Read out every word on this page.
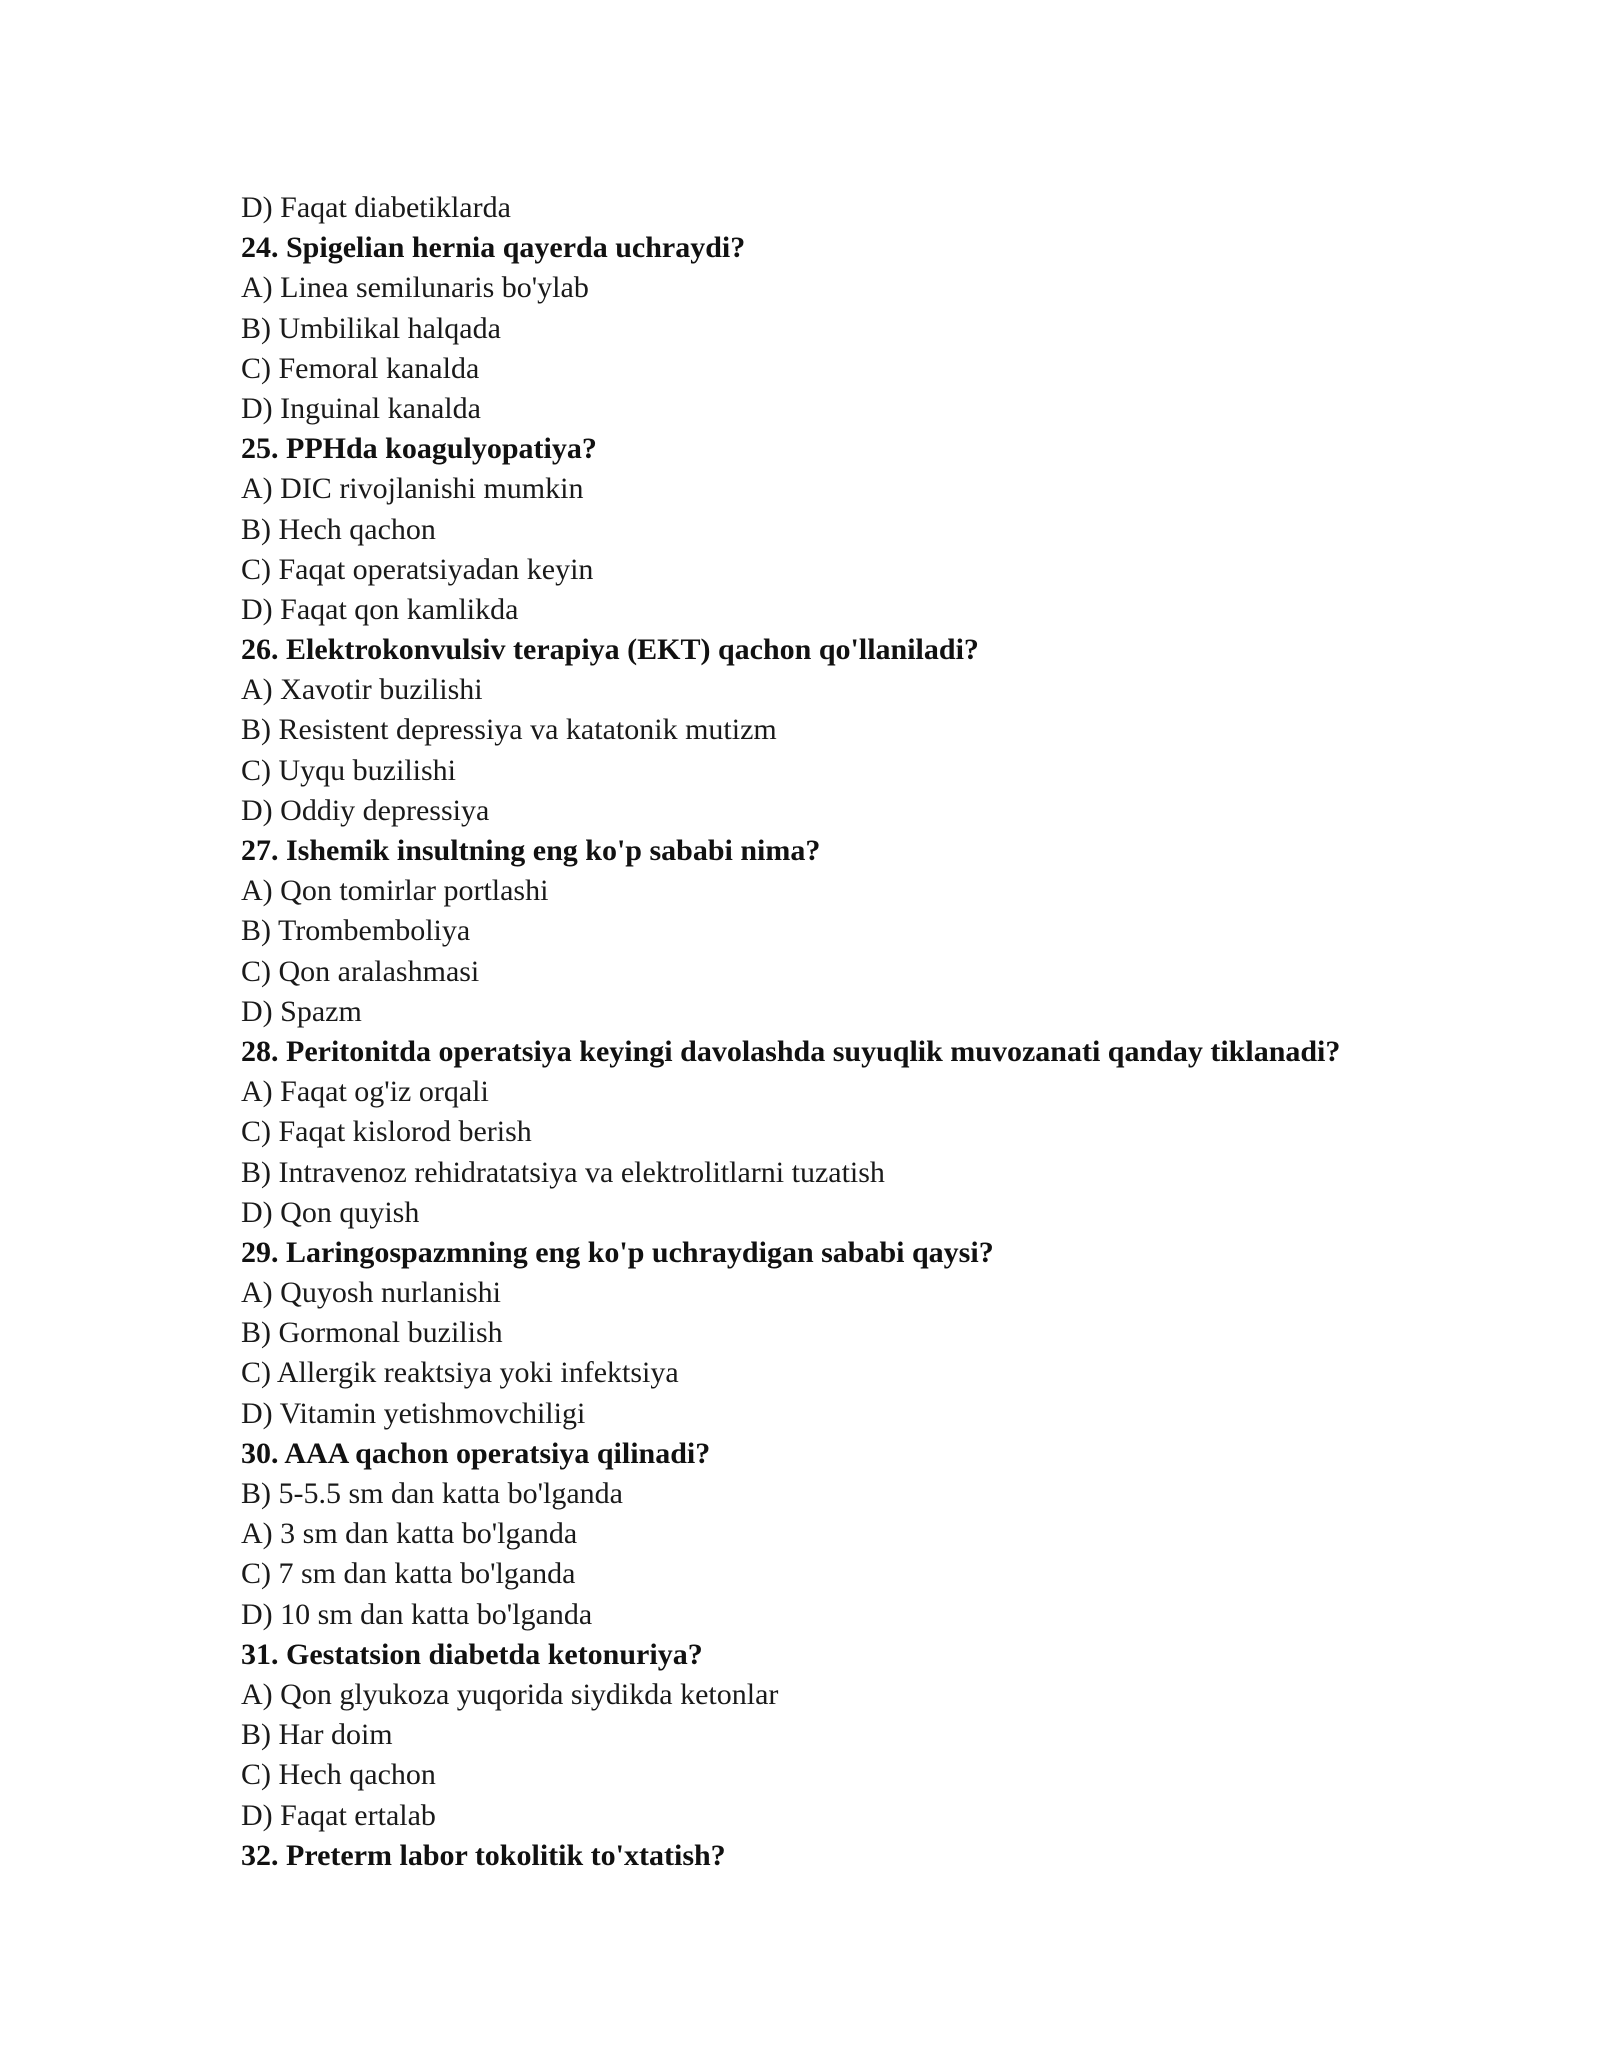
D) Faqat diabetiklarda
24. Spigelian hernia qayerda uchraydi?
A) Linea semilunaris bo'ylab
B) Umbilikal halqada
C) Femoral kanalda
D) Inguinal kanalda
25. PPHda koagulyopatiya?
A) DIC rivojlanishi mumkin
B) Hech qachon
C) Faqat operatsiyadan keyin
D) Faqat qon kamlikda
26. Elektrokonvulsiv terapiya (EKT) qachon qo'llaniladi?
A) Xavotir buzilishi
B) Resistent depressiya va katatonik mutizm
C) Uyqu buzilishi
D) Oddiy depressiya
27. Ishemik insultning eng ko'p sababi nima?
A) Qon tomirlar portlashi
B) Trombemboliya
C) Qon aralashmasi
D) Spazm
28. Peritonitda operatsiya keyingi davolashda suyuqlik muvozanati qanday tiklanadi?
A) Faqat og'iz orqali
C) Faqat kislorod berish
B) Intravenoz rehidratatsiya va elektrolitlarni tuzatish
D) Qon quyish
29. Laringospazmning eng ko'p uchraydigan sababi qaysi?
A) Quyosh nurlanishi
B) Gormonal buzilish
C) Allergik reaktsiya yoki infektsiya
D) Vitamin yetishmovchiligi
30. AAA qachon operatsiya qilinadi?
B) 5-5.5 sm dan katta bo'lganda
A) 3 sm dan katta bo'lganda
C) 7 sm dan katta bo'lganda
D) 10 sm dan katta bo'lganda
31. Gestatsion diabetda ketonuriya?
A) Qon glyukoza yuqorida siydikda ketonlar
B) Har doim
C) Hech qachon
D) Faqat ertalab
32. Preterm labor tokolitik to'xtatish?
